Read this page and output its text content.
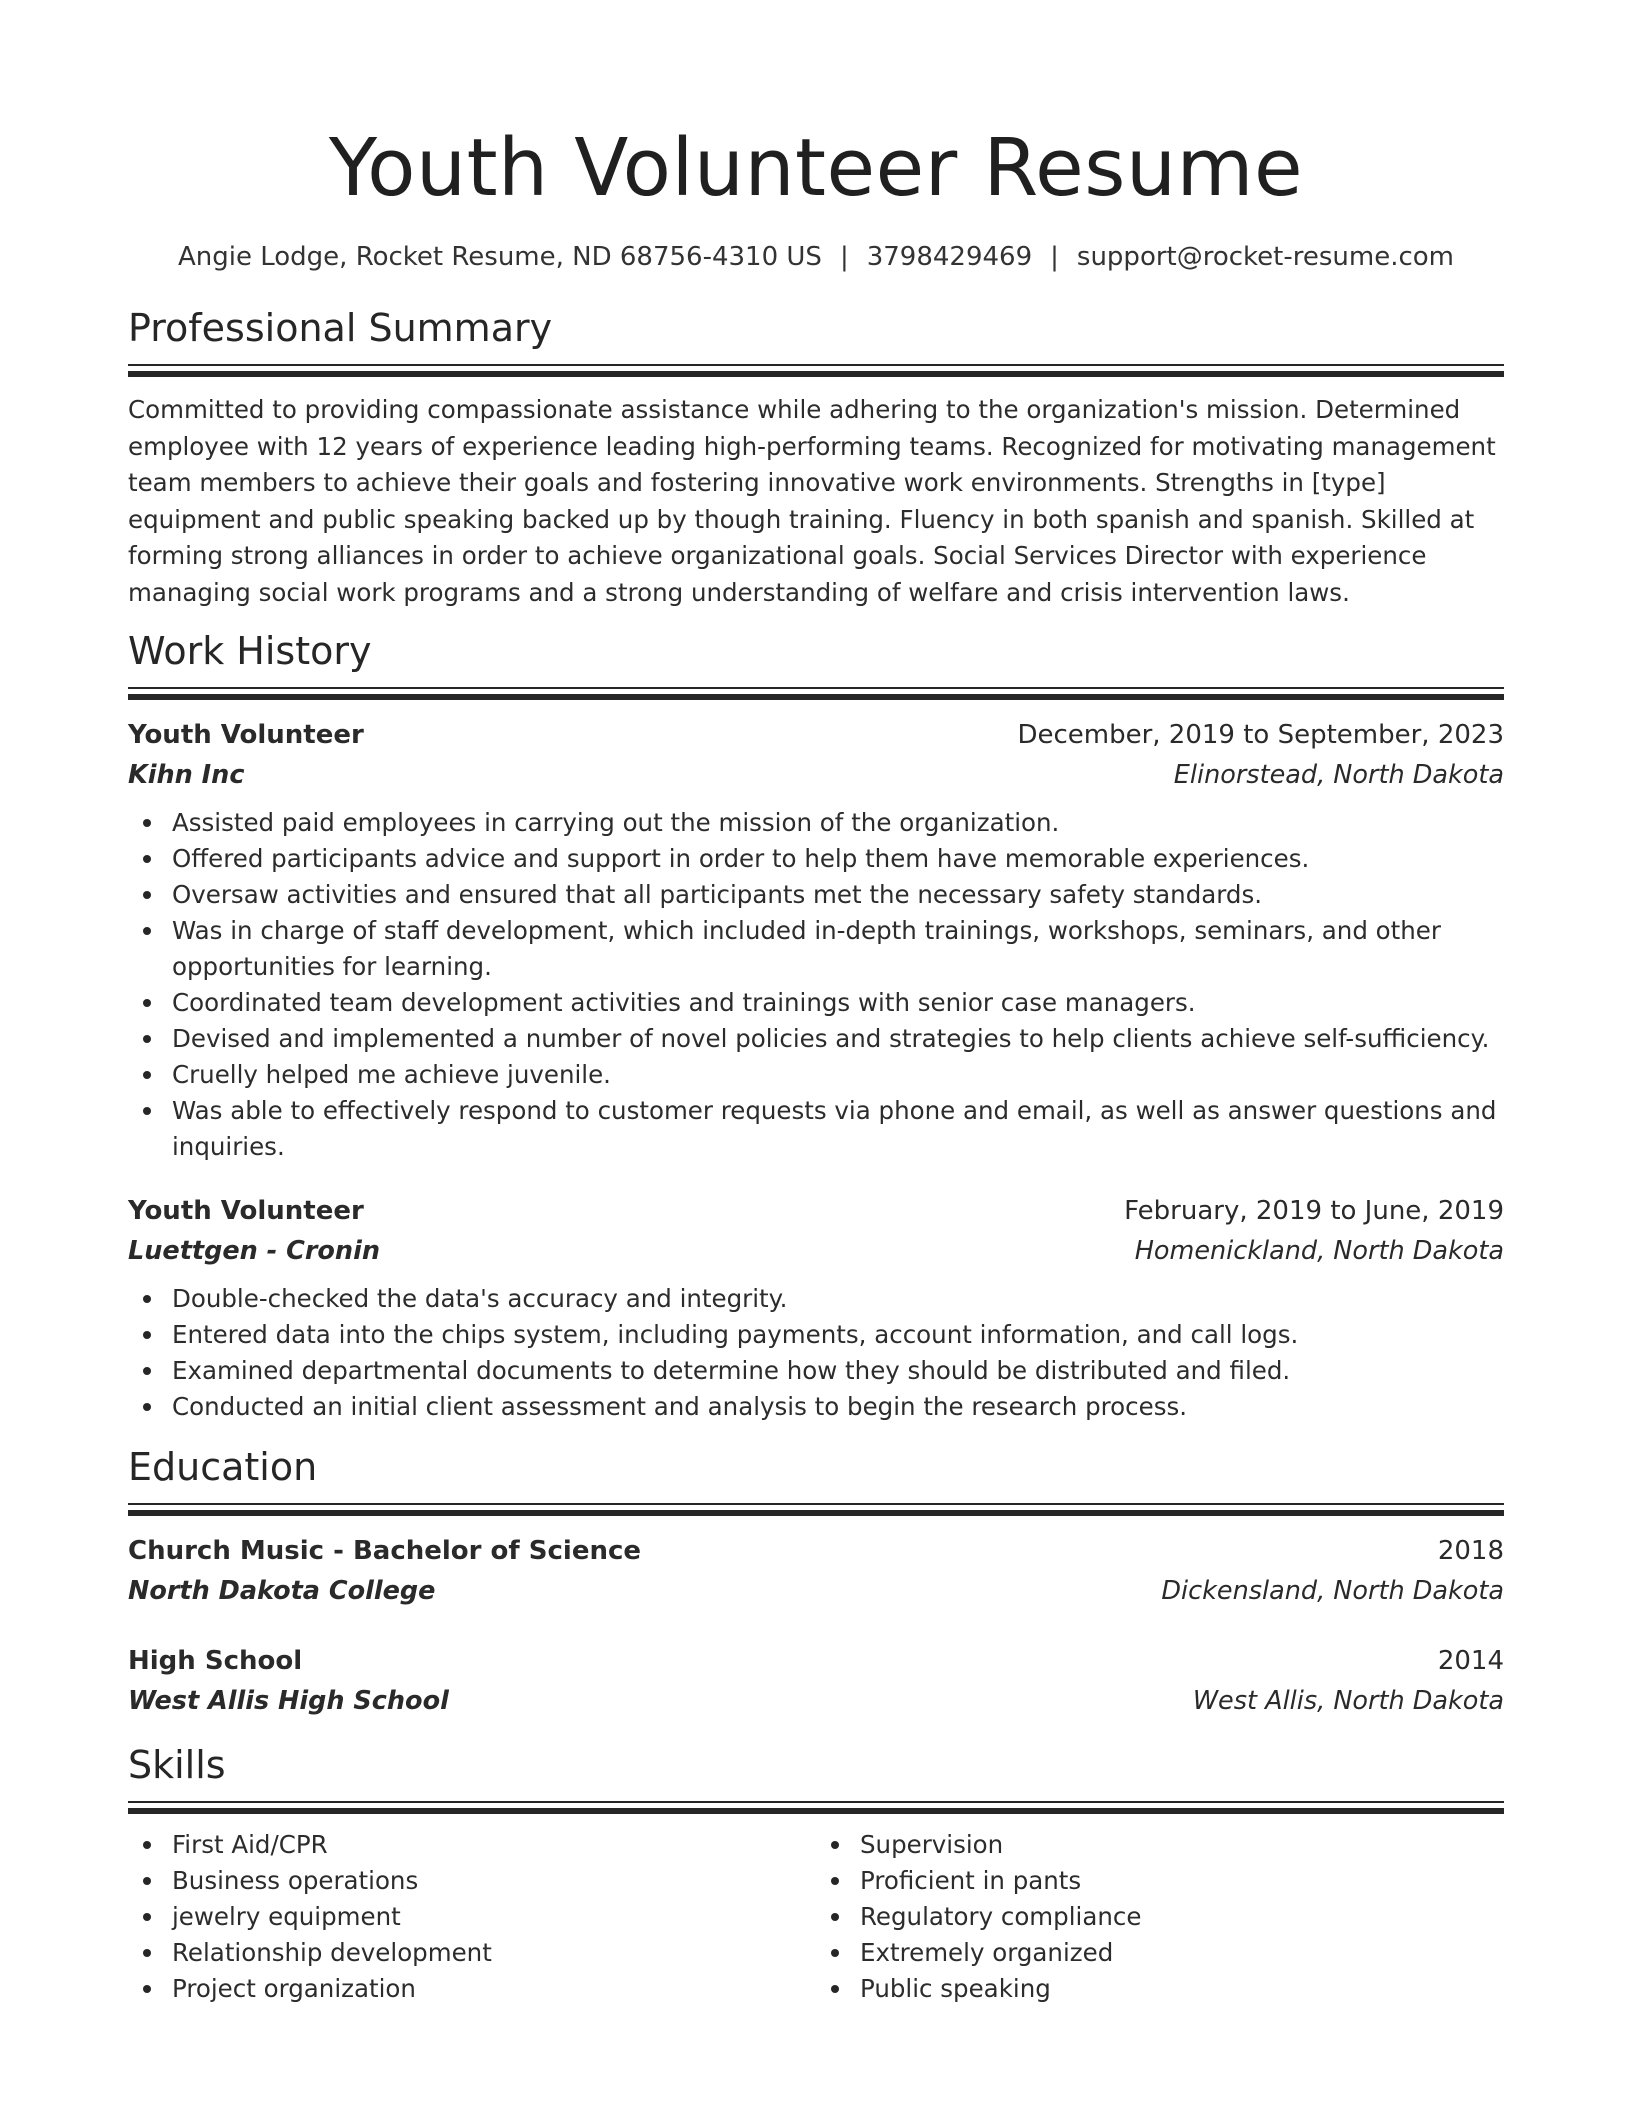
Youth Volunteer Resume
Angie Lodge, Rocket Resume, ND 68756-4310 US | 3798429469 | support@rocket-resume.com
Professional Summary

Committed to providing compassionate assistance while adhering to the organization's mission. Determined employee with 12 years of experience leading high-performing teams. Recognized for motivating management team members to achieve their goals and fostering innovative work environments. Strengths in [type] equipment and public speaking backed up by though training. Fluency in both spanish and spanish. Skilled at forming strong alliances in order to achieve organizational goals. Social Services Director with experience managing social work programs and a strong understanding of welfare and crisis intervention laws.

Work History
Youth Volunteer	December, 2019 to September, 2023
Kihn Inc	Elinorstead, North Dakota
Assisted paid employees in carrying out the mission of the organization.
Offered participants advice and support in order to help them have memorable experiences.
Oversaw activities and ensured that all participants met the necessary safety standards.
Was in charge of staff development, which included in-depth trainings, workshops, seminars, and other opportunities for learning.
Coordinated team development activities and trainings with senior case managers.
Devised and implemented a number of novel policies and strategies to help clients achieve self-sufficiency.
Cruelly helped me achieve juvenile.
Was able to effectively respond to customer requests via phone and email, as well as answer questions and inquiries.
Youth Volunteer	February, 2019 to June, 2019
Luettgen - Cronin	Homenickland, North Dakota
Double-checked the data's accuracy and integrity.
Entered data into the chips system, including payments, account information, and call logs.
Examined departmental documents to determine how they should be distributed and filed.
Conducted an initial client assessment and analysis to begin the research process.
Education
Church Music - Bachelor of Science	2018
North Dakota College	Dickensland, North Dakota
High School	2014
West Allis High School	West Allis, North Dakota
Skills
First Aid/CPR
Business operations
jewelry equipment
Relationship development
Project organization
Supervision
Proficient in pants
Regulatory compliance
Extremely organized
Public speaking
